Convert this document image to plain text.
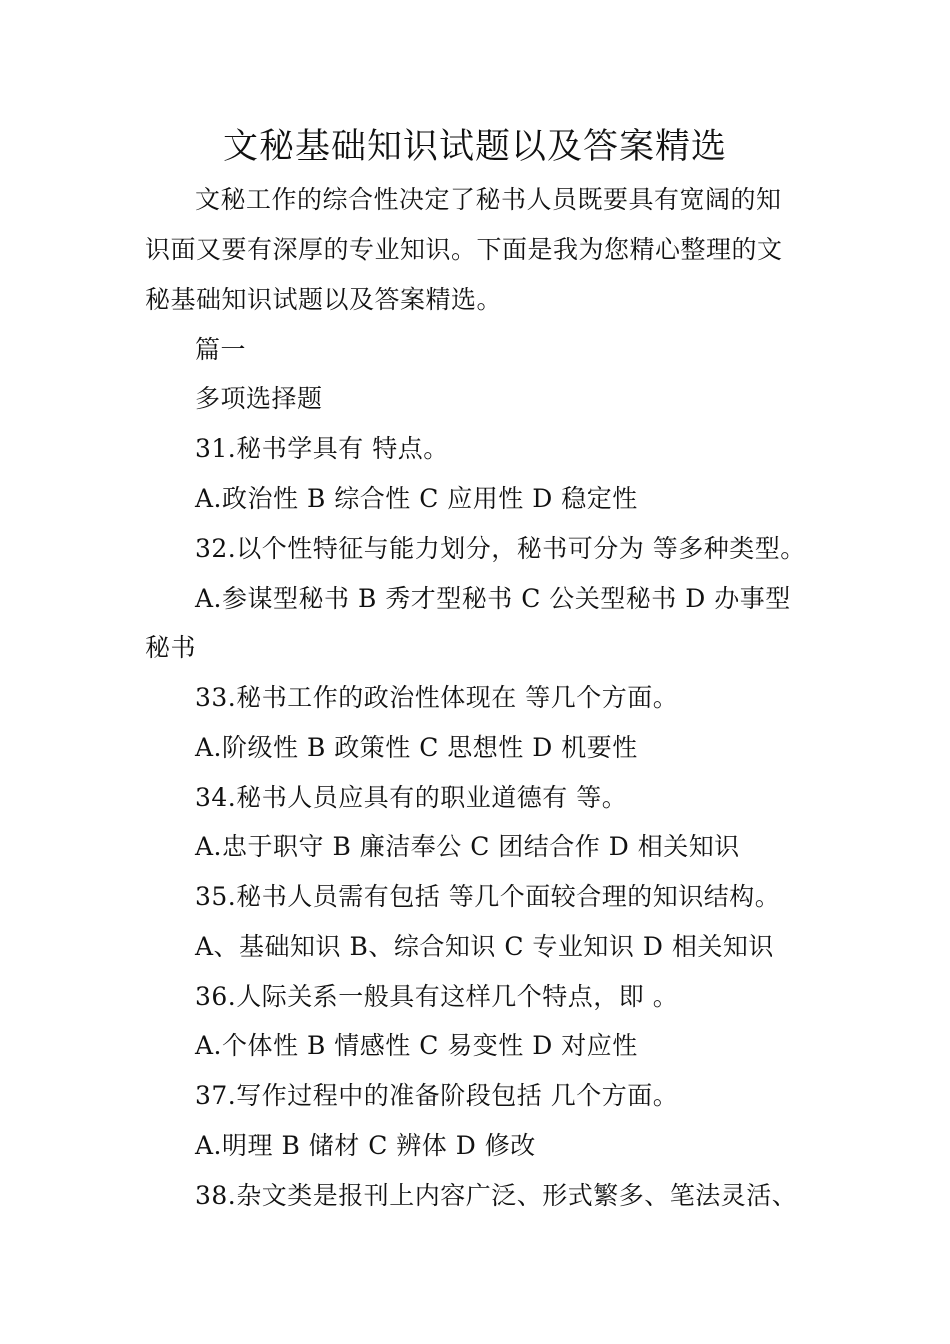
文秘基础知识试题以及答案精选
文秘工作的综合性决定了秘书人员既要具有宽阔的知
识面又要有深厚的专业知识。下面是我为您精心整理的文
秘基础知识试题以及答案精选。
篇一
多项选择题
31.秘书学具有 特点。
A.政治性 B 综合性 C 应用性 D 稳定性
32.以个性特征与能力划分，秘书可分为 等多种类型。
A.参谋型秘书 B 秀才型秘书 C 公关型秘书 D 办事型
秘书
33.秘书工作的政治性体现在 等几个方面。
A.阶级性 B 政策性 C 思想性 D 机要性
34.秘书人员应具有的职业道德有 等。
A.忠于职守 B 廉洁奉公 C 团结合作 D 相关知识
35.秘书人员需有包括 等几个面较合理的知识结构。
A、基础知识 B、综合知识 C 专业知识 D 相关知识
36.人际关系一般具有这样几个特点，即 。
A.个体性 B 情感性 C 易变性 D 对应性
37.写作过程中的准备阶段包括 几个方面。
A.明理 B 储材 C 辨体 D 修改
38.杂文类是报刊上内容广泛、形式繁多、笔法灵活、
